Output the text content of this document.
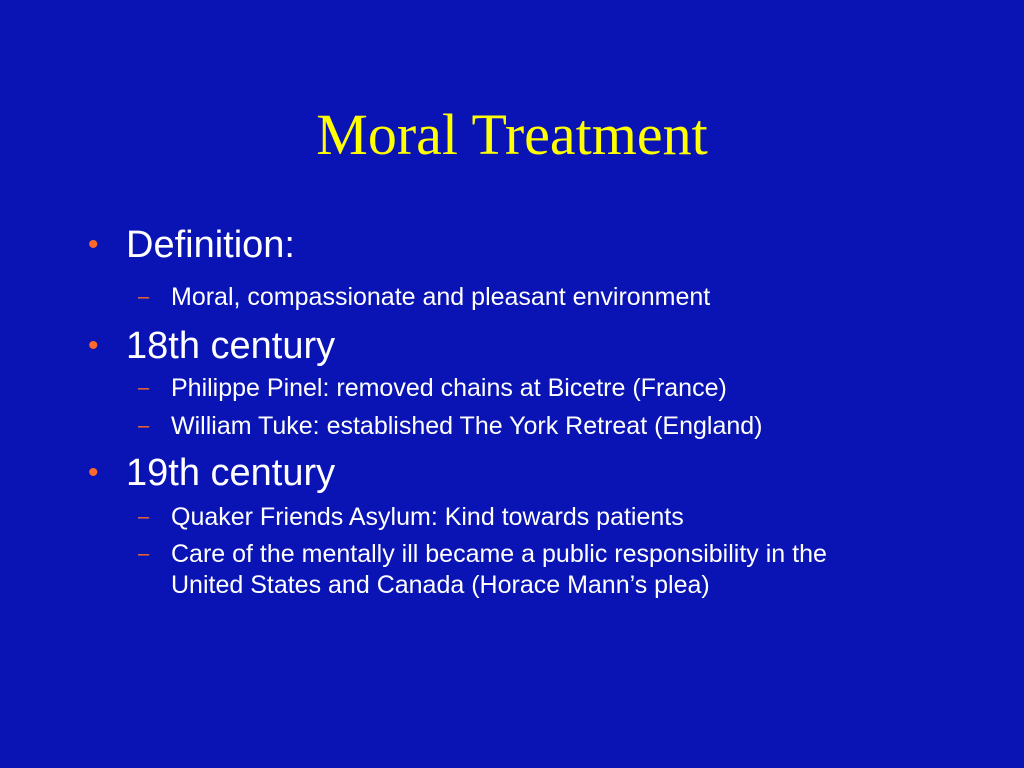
Moral Treatment
• Definition:
– Moral, compassionate and pleasant environment
• 18th century
– Philippe Pinel: removed chains at Bicetre (France)
– William Tuke: established The York Retreat (England)
• 19th century
– Quaker Friends Asylum: Kind towards patients
– Care of the mentally ill became a public responsibility in the
United States and Canada (Horace Mann’s plea)
